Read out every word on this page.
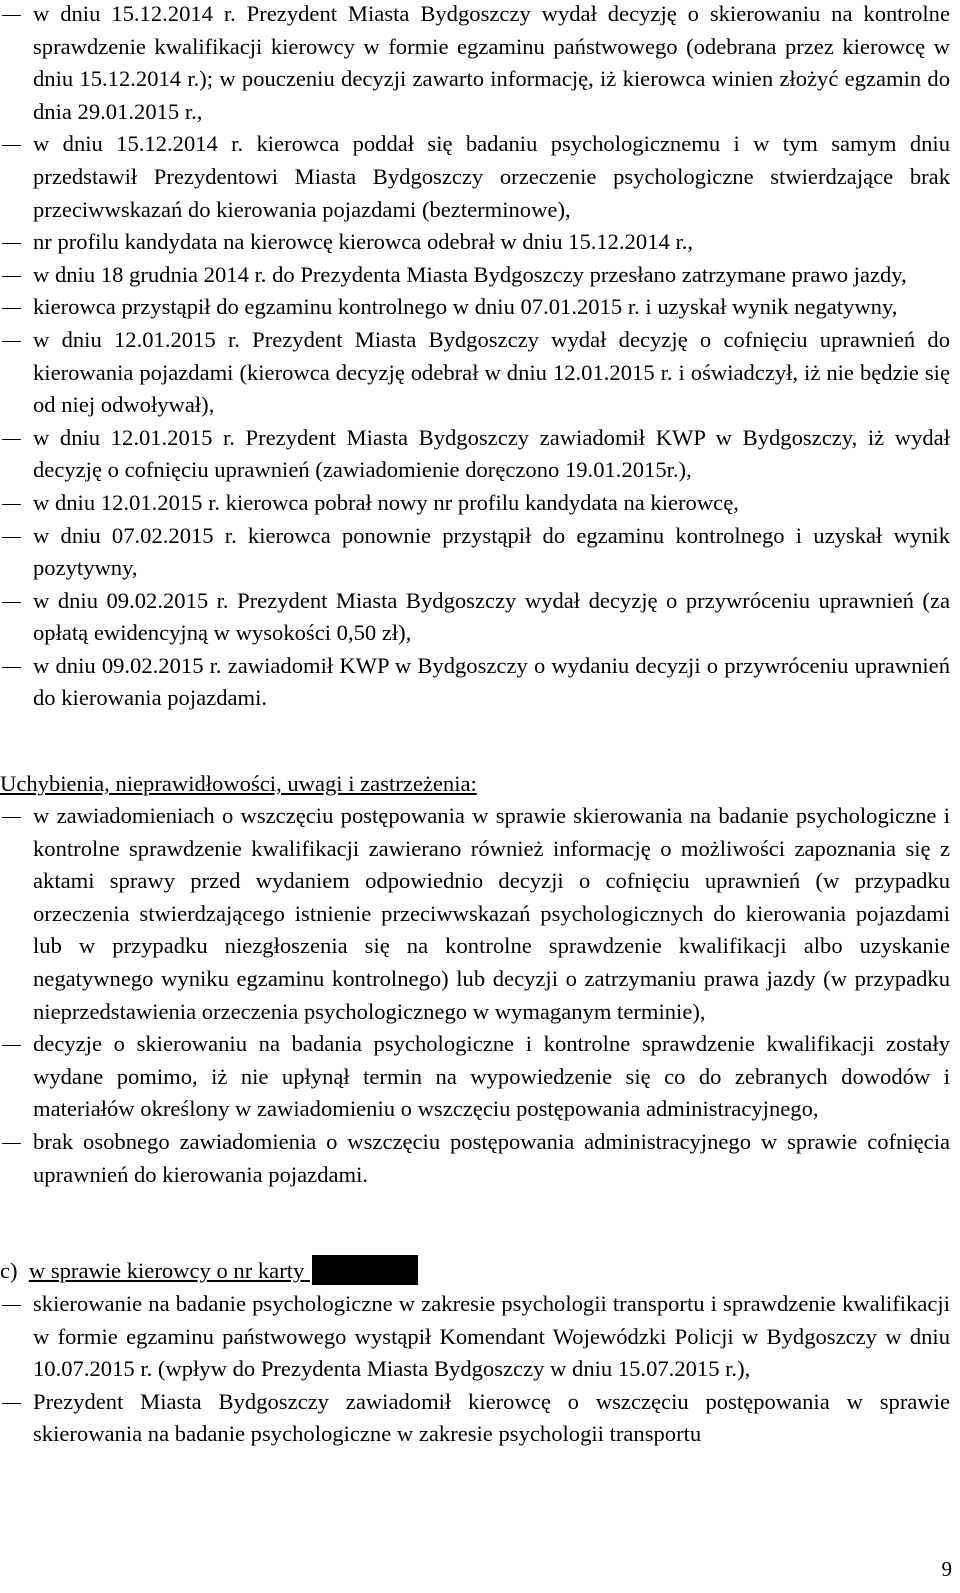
w dniu 15.12.2014 r. Prezydent Miasta Bydgoszczy wydał decyzję o skierowaniu na kontrolne sprawdzenie kwalifikacji kierowcy w formie egzaminu państwowego (odebrana przez kierowcę w dniu 15.12.2014 r.); w pouczeniu decyzji zawarto informację, iż kierowca winien złożyć egzamin do dnia 29.01.2015 r.,
w dniu 15.12.2014 r. kierowca poddał się badaniu psychologicznemu i w tym samym dniu przedstawił Prezydentowi Miasta Bydgoszczy orzeczenie psychologiczne stwierdzające brak przeciwwskazań do kierowania pojazdami (bezterminowe),
nr profilu kandydata na kierowcę kierowca odebrał w dniu 15.12.2014 r.,
w dniu 18 grudnia 2014 r. do Prezydenta Miasta Bydgoszczy przesłano zatrzymane prawo jazdy,
kierowca przystąpił do egzaminu kontrolnego w dniu 07.01.2015 r. i uzyskał wynik negatywny,
w dniu 12.01.2015 r. Prezydent Miasta Bydgoszczy wydał decyzję o cofnięciu uprawnień do kierowania pojazdami (kierowca decyzję odebrał w dniu 12.01.2015 r. i oświadczył, iż nie będzie się od niej odwoływał),
w dniu 12.01.2015 r. Prezydent Miasta Bydgoszczy zawiadomił KWP w Bydgoszczy, iż wydał decyzję o cofnięciu uprawnień (zawiadomienie doręczono 19.01.2015r.),
w dniu 12.01.2015 r. kierowca pobrał nowy nr profilu kandydata na kierowcę,
w dniu 07.02.2015 r. kierowca ponownie przystąpił do egzaminu kontrolnego i uzyskał wynik pozytywny,
w dniu 09.02.2015 r. Prezydent Miasta Bydgoszczy wydał decyzję o przywróceniu uprawnień (za opłatą ewidencyjną w wysokości 0,50 zł),
w dniu 09.02.2015 r. zawiadomił KWP w Bydgoszczy o wydaniu decyzji o przywróceniu uprawnień do kierowania pojazdami.

Uchybienia, nieprawidłowości, uwagi i zastrzeżenia:

w zawiadomieniach o wszczęciu postępowania w sprawie skierowania na badanie psychologiczne i kontrolne sprawdzenie kwalifikacji zawierano również informację o możliwości zapoznania się z aktami sprawy przed wydaniem odpowiednio decyzji o cofnięciu uprawnień (w przypadku orzeczenia stwierdzającego istnienie przeciwwskazań psychologicznych do kierowania pojazdami lub w przypadku niezgłoszenia się na kontrolne sprawdzenie kwalifikacji albo uzyskanie negatywnego wyniku egzaminu kontrolnego) lub decyzji o zatrzymaniu prawa jazdy (w przypadku nieprzedstawienia orzeczenia psychologicznego w wymaganym terminie),
decyzje o skierowaniu na badania psychologiczne i kontrolne sprawdzenie kwalifikacji zostały wydane pomimo, iż nie upłynął termin na wypowiedzenie się co do zebranych dowodów i materiałów określony w zawiadomieniu o wszczęciu postępowania administracyjnego,
brak osobnego zawiadomienia o wszczęciu postępowania administracyjnego w sprawie cofnięcia uprawnień do kierowania pojazdami.

c) w sprawie kierowcy o nr karty

skierowanie na badanie psychologiczne w zakresie psychologii transportu i sprawdzenie kwalifikacji w formie egzaminu państwowego wystąpił Komendant Wojewódzki Policji w Bydgoszczy w dniu 10.07.2015 r. (wpływ do Prezydenta Miasta Bydgoszczy w dniu 15.07.2015 r.),
Prezydent Miasta Bydgoszczy zawiadomił kierowcę o wszczęciu postępowania w sprawie skierowania na badanie psychologiczne w zakresie psychologii transportu
9
